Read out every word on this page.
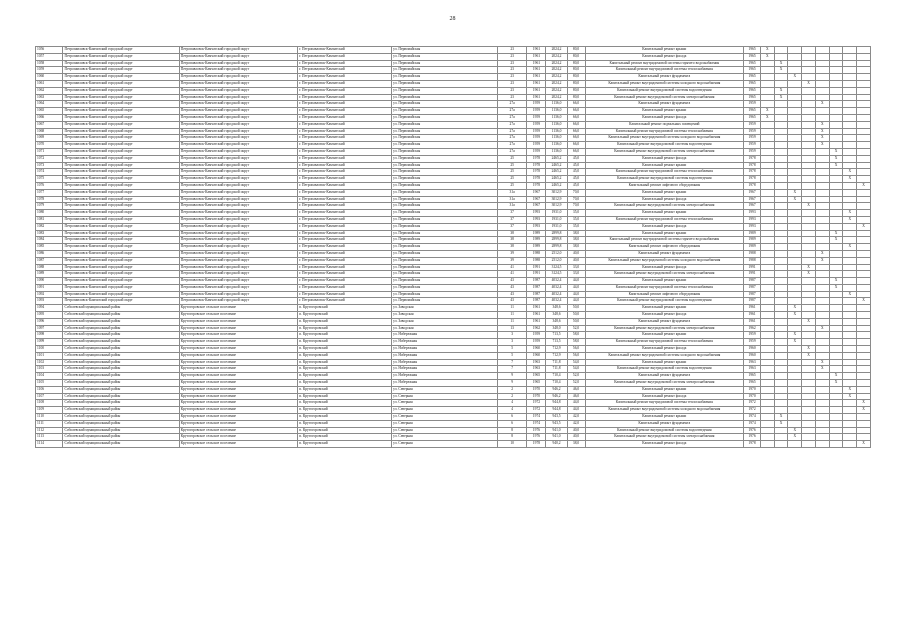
28
1056	Петропавловск-Камчатский городской округ	Петропавловск-Камчатский городской округ	г. Петропавловск-Камчатский	ул. Первомайская	23	1961	2024,2	80,0	Капитальный ремонт крыши	1965	X							
1057	Петропавловск-Камчатский городской округ	Петропавловск-Камчатский городской округ	г. Петропавловск-Камчатский	ул. Первомайская	23	1961	2024,2	80,0	Капитальный ремонт фасада	1965	X							
1058	Петропавловск-Камчатский городской округ	Петропавловск-Камчатский городской округ	г. Петропавловск-Камчатский	ул. Первомайская	23	1961	2024,2	80,0	Капитальный ремонт внутридомовой системы горячего водоснабжения	1965		X						
1059	Петропавловск-Камчатский городской округ	Петропавловск-Камчатский городской округ	г. Петропавловск-Камчатский	ул. Первомайская	23	1961	2024,2	80,0	Капитальный ремонт внутридомовой системы теплоснабжения	1965		X						
1060	Петропавловск-Камчатский городской округ	Петропавловск-Камчатский городской округ	г. Петропавловск-Камчатский	ул. Первомайская	23	1961	2024,2	80,0	Капитальный ремонт фундамента	1965			X					
1061	Петропавловск-Камчатский городской округ	Петропавловск-Камчатский городской округ	г. Петропавловск-Камчатский	ул. Первомайская	23	1961	2024,2	80,0	Капитальный ремонт внутридомовой системы холодного водоснабжения	1965				X				
1062	Петропавловск-Камчатский городской округ	Петропавловск-Камчатский городской округ	г. Петропавловск-Камчатский	ул. Первомайская	23	1961	2024,2	80,0	Капитальный ремонт внутридомовой системы водоотведения	1965		X						
1063	Петропавловск-Камчатский городской округ	Петропавловск-Камчатский городской округ	г. Петропавловск-Камчатский	ул. Первомайская	23	1961	2024,2	80,0	Капитальный ремонт внутридомовой системы электроснабжения	1965		X						
1064	Петропавловск-Камчатский городской округ	Петропавловск-Камчатский городской округ	г. Петропавловск-Камчатский	ул. Первомайская	27а	1959	1136,0	66,0	Капитальный ремонт фундамента	1959					X			
1065	Петропавловск-Камчатский городской округ	Петропавловск-Камчатский городской округ	г. Петропавловск-Камчатский	ул. Первомайская	27а	1959	1136,0	66,0	Капитальный ремонт крыши	1965	X							
1066	Петропавловск-Камчатский городской округ	Петропавловск-Камчатский городской округ	г. Петропавловск-Камчатский	ул. Первомайская	27а	1959	1136,0	66,0	Капитальный ремонт фасада	1965	X							
1067	Петропавловск-Камчатский городской округ	Петропавловск-Камчатский городской округ	г. Петропавловск-Камчатский	ул. Первомайская	27а	1959	1136,0	66,0	Капитальный ремонт подвальных помещений	1959					X			
1068	Петропавловск-Камчатский городской округ	Петропавловск-Камчатский городской округ	г. Петропавловск-Камчатский	ул. Первомайская	27а	1959	1136,0	66,0	Капитальный ремонт внутридомовой системы теплоснабжения	1959					X			
1069	Петропавловск-Камчатский городской округ	Петропавловск-Камчатский городской округ	г. Петропавловск-Камчатский	ул. Первомайская	27а	1959	1136,0	66,0	Капитальный ремонт внутридомовой системы холодного водоснабжения	1959					X			
1070	Петропавловск-Камчатский городской округ	Петропавловск-Камчатский городской округ	г. Петропавловск-Камчатский	ул. Первомайская	27а	1959	1136,0	66,0	Капитальный ремонт внутридомовой системы водоотведения	1959					X			
1071	Петропавловск-Камчатский городской округ	Петропавловск-Камчатский городской округ	г. Петропавловск-Камчатский	ул. Первомайская	27а	1959	1136,0	66,0	Капитальный ремонт внутридомовой системы электроснабжения	1959						X		
1072	Петропавловск-Камчатский городской округ	Петропавловск-Камчатский городской округ	г. Петропавловск-Камчатский	ул. Первомайская	25	1978	2465,2	45,0	Капитальный ремонт фасада	1978						X		
1073	Петропавловск-Камчатский городской округ	Петропавловск-Камчатский городской округ	г. Петропавловск-Камчатский	ул. Первомайская	25	1978	2465,2	45,0	Капитальный ремонт крыши	1978						X		
1074	Петропавловск-Камчатский городской округ	Петропавловск-Камчатский городской округ	г. Петропавловск-Камчатский	ул. Первомайская	25	1978	2465,2	45,0	Капитальный ремонт внутридомовой системы теплоснабжения	1978							X	
1075	Петропавловск-Камчатский городской округ	Петропавловск-Камчатский городской округ	г. Петропавловск-Камчатский	ул. Первомайская	25	1978	2465,2	45,0	Капитальный ремонт внутридомовой системы водоотведения	1978							X	
1076	Петропавловск-Камчатский городской округ	Петропавловск-Камчатский городской округ	г. Петропавловск-Камчатский	ул. Первомайская	25	1978	2465,2	45,0	Капитальный ремонт лифтового оборудования	1978								X
1077	Петропавловск-Камчатский городской округ	Петропавловск-Камчатский городской округ	г. Петропавловск-Камчатский	ул. Первомайская	31а	1967	3012,9	70,0	Капитальный ремонт крыши	1967			X					
1078	Петропавловск-Камчатский городской округ	Петропавловск-Камчатский городской округ	г. Петропавловск-Камчатский	ул. Первомайская	31а	1967	3012,9	70,0	Капитальный ремонт фасада	1967			X					
1079	Петропавловск-Камчатский городской округ	Петропавловск-Камчатский городской округ	г. Петропавловск-Камчатский	ул. Первомайская	31а	1967	3012,9	70,0	Капитальный ремонт внутридомовой системы электроснабжения	1967				X				
1080	Петропавловск-Камчатский городской округ	Петропавловск-Камчатский городской округ	г. Петропавловск-Камчатский	ул. Первомайская	37	1993	1931,0	35,0	Капитальный ремонт крыши	1993							X	
1081	Петропавловск-Камчатский городской округ	Петропавловск-Камчатский городской округ	г. Петропавловск-Камчатский	ул. Первомайская	37	1993	1931,0	35,0	Капитальный ремонт внутридомовой системы теплоснабжения	1993							X	
1082	Петропавловск-Камчатский городской округ	Петропавловск-Камчатский городской округ	г. Петропавловск-Камчатский	ул. Первомайская	37	1993	1931,0	35,0	Капитальный ремонт фасада	1993								X
1083	Петропавловск-Камчатский городской округ	Петропавловск-Камчатский городской округ	г. Петропавловск-Камчатский	ул. Первомайская	38	1989	2899,8	38,0	Капитальный ремонт крыши	1989						X		
1084	Петропавловск-Камчатский городской округ	Петропавловск-Камчатский городской округ	г. Петропавловск-Камчатский	ул. Первомайская	38	1989	2899,8	38,0	Капитальный ремонт внутридомовой системы горячего водоснабжения	1989						X		
1085	Петропавловск-Камчатский городской округ	Петропавловск-Камчатский городской округ	г. Петропавловск-Камчатский	ул. Первомайская	38	1989	2899,8	38,0	Капитальный ремонт лифтового оборудования	1989							X	
1086	Петропавловск-Камчатский городской округ	Петропавловск-Камчатский городской округ	г. Петропавловск-Камчатский	ул. Первомайская	39	1988	2512,0	40,0	Капитальный ремонт фундамента	1988					X			
1087	Петропавловск-Камчатский городской округ	Петропавловск-Камчатский городской округ	г. Петропавловск-Камчатский	ул. Первомайская	39	1988	2512,0	40,0	Капитальный ремонт внутридомовой системы холодного водоснабжения	1988					X			
1088	Петропавловск-Камчатский городской округ	Петропавловск-Камчатский городской округ	г. Петропавловск-Камчатский	ул. Первомайская	41	1991	3124,5	33,0	Капитальный ремонт фасада	1991				X				
1089	Петропавловск-Камчатский городской округ	Петропавловск-Камчатский городской округ	г. Петропавловск-Камчатский	ул. Первомайская	41	1991	3124,5	33,0	Капитальный ремонт внутридомовой системы электроснабжения	1991				X				
1090	Петропавловск-Камчатский городской округ	Петропавловск-Камчатский городской округ	г. Петропавловск-Камчатский	ул. Первомайская	43	1987	4032,4	44,0	Капитальный ремонт крыши	1987						X		
1091	Петропавловск-Камчатский городской округ	Петропавловск-Камчатский городской округ	г. Петропавловск-Камчатский	ул. Первомайская	43	1987	4032,4	44,0	Капитальный ремонт внутридомовой системы теплоснабжения	1987						X		
1092	Петропавловск-Камчатский городской округ	Петропавловск-Камчатский городской округ	г. Петропавловск-Камчатский	ул. Первомайская	43	1987	4032,4	44,0	Капитальный ремонт лифтового оборудования	1987							X	
1093	Петропавловск-Камчатский городской округ	Петропавловск-Камчатский городской округ	г. Петропавловск-Камчатский	ул. Первомайская	43	1987	4032,4	44,0	Капитальный ремонт внутридомовой системы водоотведения	1987								X
1094	Соболевский муниципальный район	Крутогоровское сельское поселение	п. Крутогоровский	ул. Заводская	11	1961	348,6	50,0	Капитальный ремонт крыши	1961			X					
1095	Соболевский муниципальный район	Крутогоровское сельское поселение	п. Крутогоровский	ул. Заводская	11	1961	348,6	50,0	Капитальный ремонт фасада	1961			X					
1096	Соболевский муниципальный район	Крутогоровское сельское поселение	п. Крутогоровский	ул. Заводская	11	1961	348,6	50,0	Капитальный ремонт фундамента	1961				X				
1097	Соболевский муниципальный район	Крутогоровское сельское поселение	п. Крутогоровский	ул. Заводская	13	1962	348,0	52,0	Капитальный ремонт внутридомовой системы электроснабжения	1962					X			
1098	Соболевский муниципальный район	Крутогоровское сельское поселение	п. Крутогоровский	ул. Набережная	3	1959	713,5	58,0	Капитальный ремонт крыши	1959			X					
1099	Соболевский муниципальный район	Крутогоровское сельское поселение	п. Крутогоровский	ул. Набережная	3	1959	713,5	58,0	Капитальный ремонт внутридомовой системы теплоснабжения	1959			X					
1100	Соболевский муниципальный район	Крутогоровское сельское поселение	п. Крутогоровский	ул. Набережная	5	1960	712,9	56,0	Капитальный ремонт фасада	1960				X				
1101	Соболевский муниципальный район	Крутогоровское сельское поселение	п. Крутогоровский	ул. Набережная	5	1960	712,9	56,0	Капитальный ремонт внутридомовой системы холодного водоснабжения	1960				X				
1102	Соболевский муниципальный район	Крутогоровское сельское поселение	п. Крутогоровский	ул. Набережная	7	1963	711,8	54,0	Капитальный ремонт крыши	1963					X			
1103	Соболевский муниципальный район	Крутогоровское сельское поселение	п. Крутогоровский	ул. Набережная	7	1963	711,8	54,0	Капитальный ремонт внутридомовой системы водоотведения	1963					X			
1104	Соболевский муниципальный район	Крутогоровское сельское поселение	п. Крутогоровский	ул. Набережная	9	1965	710,4	52,0	Капитальный ремонт фундамента	1965						X		
1105	Соболевский муниципальный район	Крутогоровское сельское поселение	п. Крутогоровский	ул. Набережная	9	1965	710,4	52,0	Капитальный ремонт внутридомовой системы электроснабжения	1965						X		
1106	Соболевский муниципальный район	Крутогоровское сельское поселение	п. Крутогоровский	ул. Северная	2	1970	946,2	46,0	Капитальный ремонт крыши	1970							X	
1107	Соболевский муниципальный район	Крутогоровское сельское поселение	п. Крутогоровский	ул. Северная	2	1970	946,2	46,0	Капитальный ремонт фасада	1970							X	
1108	Соболевский муниципальный район	Крутогоровское сельское поселение	п. Крутогоровский	ул. Северная	4	1972	944,8	44,0	Капитальный ремонт внутридомовой системы теплоснабжения	1972								X
1109	Соболевский муниципальный район	Крутогоровское сельское поселение	п. Крутогоровский	ул. Северная	4	1972	944,8	44,0	Капитальный ремонт внутридомовой системы холодного водоснабжения	1972								X
1110	Соболевский муниципальный район	Крутогоровское сельское поселение	п. Крутогоровский	ул. Северная	6	1974	943,5	42,0	Капитальный ремонт крыши	1974		X						
1111	Соболевский муниципальный район	Крутогоровское сельское поселение	п. Крутогоровский	ул. Северная	6	1974	943,5	42,0	Капитальный ремонт фундамента	1974		X						
1112	Соболевский муниципальный район	Крутогоровское сельское поселение	п. Крутогоровский	ул. Северная	8	1976	941,0	40,0	Капитальный ремонт внутридомовой системы водоотведения	1976			X					
1113	Соболевский муниципальный район	Крутогоровское сельское поселение	п. Крутогоровский	ул. Северная	8	1976	941,0	40,0	Капитальный ремонт внутридомовой системы электроснабжения	1976			X					
1114	Соболевский муниципальный район	Крутогоровское сельское поселение	п. Крутогоровский	ул. Северная	10	1978	940,2	38,0	Капитальный ремонт фасада	1978								X
